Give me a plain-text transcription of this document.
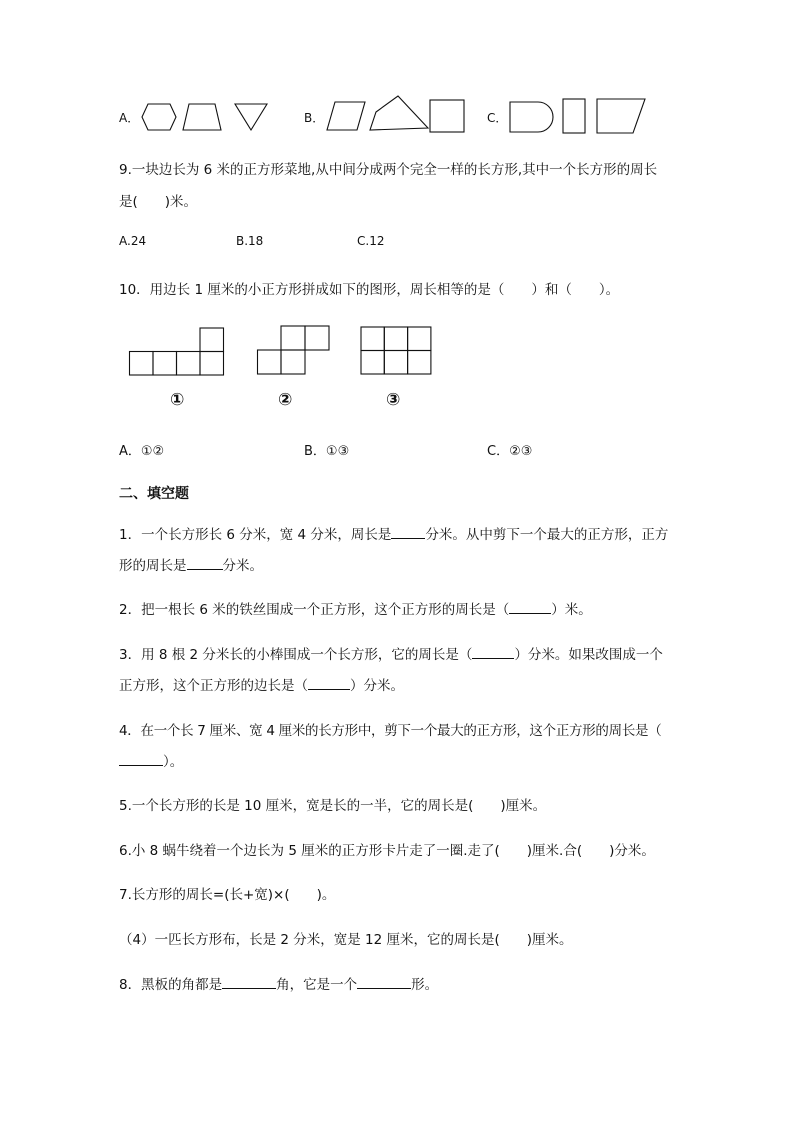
A．	B．	C．
9.一块边长为 6 米的正方形菜地,从中间分成两个完全一样的长方形,其中一个长方形的周长
是(　　)米。
A.24	B.18	C.12
10．用边长 1 厘米的小正方形拼成如下的图形，周长相等的是（　　）和（　　）。
①	②	③
A．①②	B．①③	C．②③
二、填空题
1．一个长方形长 6 分米，宽 4 分米，周长是	分米。从中剪下一个最大的正方形，正方
形的周长是	分米。
2．把一根长 6 米的铁丝围成一个正方形，这个正方形的周长是（	）米。
3．用 8 根 2 分米长的小棒围成一个长方形，它的周长是（	）分米。如果改围成一个
正方形，这个正方形的边长是（	）分米。
4．在一个长 7 厘米、宽 4 厘米的长方形中，剪下一个最大的正方形，这个正方形的周长是（
）。
5.一个长方形的长是 10 厘米，宽是长的一半，它的周长是(　　)厘米。
6.小 8 蜗牛绕着一个边长为 5 厘米的正方形卡片走了一圈.走了(　　)厘米.合(　　)分米。
7.长方形的周长=(长+宽)×(　　)。
（4）一匹长方形布，长是 2 分米，宽是 12 厘米，它的周长是(　　)厘米。
8．黑板的角都是	角，它是一个	形。
